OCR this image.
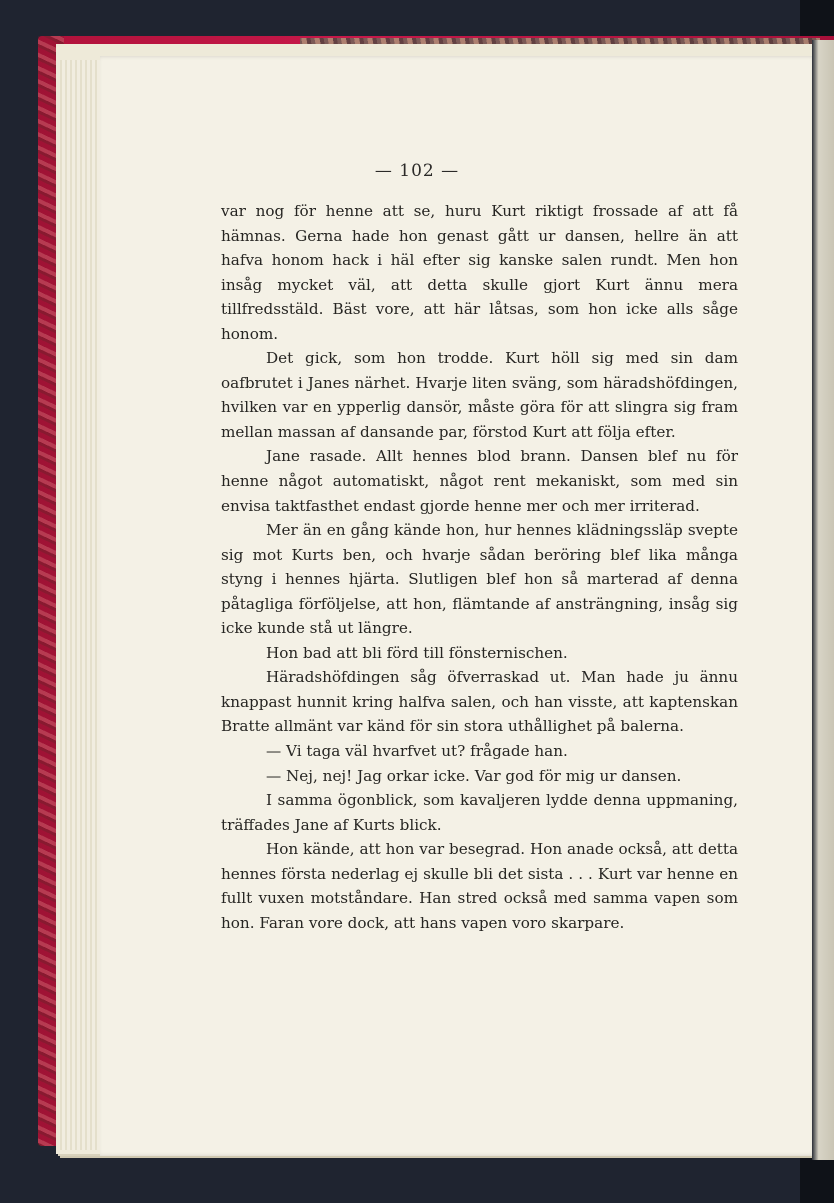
— 102 —

var nog för henne att se, huru Kurt riktigt frossade af att få hämnas. Gerna hade hon genast gått ur dansen, hellre än att hafva honom hack i häl efter sig kanske salen rundt. Men hon insåg mycket väl, att detta skulle gjort Kurt ännu mera tillfredsstäld. Bäst vore, att här låtsas, som hon icke alls såge honom.

Det gick, som hon trodde. Kurt höll sig med sin dam oafbrutet i Janes närhet. Hvarje liten sväng, som häradshöfdingen, hvilken var en ypperlig dansör, måste göra för att slingra sig fram mellan massan af dansande par, förstod Kurt att följa efter.

Jane rasade. Allt hennes blod brann. Dansen blef nu för henne något automatiskt, något rent mekaniskt, som med sin envisa taktfasthet endast gjorde henne mer och mer irriterad.

Mer än en gång kände hon, hur hennes klädningssläp svepte sig mot Kurts ben, och hvarje sådan beröring blef lika många styng i hennes hjärta. Slutligen blef hon så marterad af denna påtagliga förföljelse, att hon, flämtande af ansträngning, insåg sig icke kunde stå ut längre.

Hon bad att bli förd till fönsternischen.

Häradshöfdingen såg öfverraskad ut. Man hade ju ännu knappast hunnit kring halfva salen, och han visste, att kaptenskan Bratte allmänt var känd för sin stora uthållighet på balerna.

— Vi taga väl hvarfvet ut? frågade han.

— Nej, nej! Jag orkar icke. Var god för mig ur dansen.

I samma ögonblick, som kavaljeren lydde denna uppmaning, träffades Jane af Kurts blick.

Hon kände, att hon var besegrad. Hon anade också, att detta hennes första nederlag ej skulle bli det sista . . . Kurt var henne en fullt vuxen motståndare. Han stred också med samma vapen som hon. Faran vore dock, att hans vapen voro skarpare.
